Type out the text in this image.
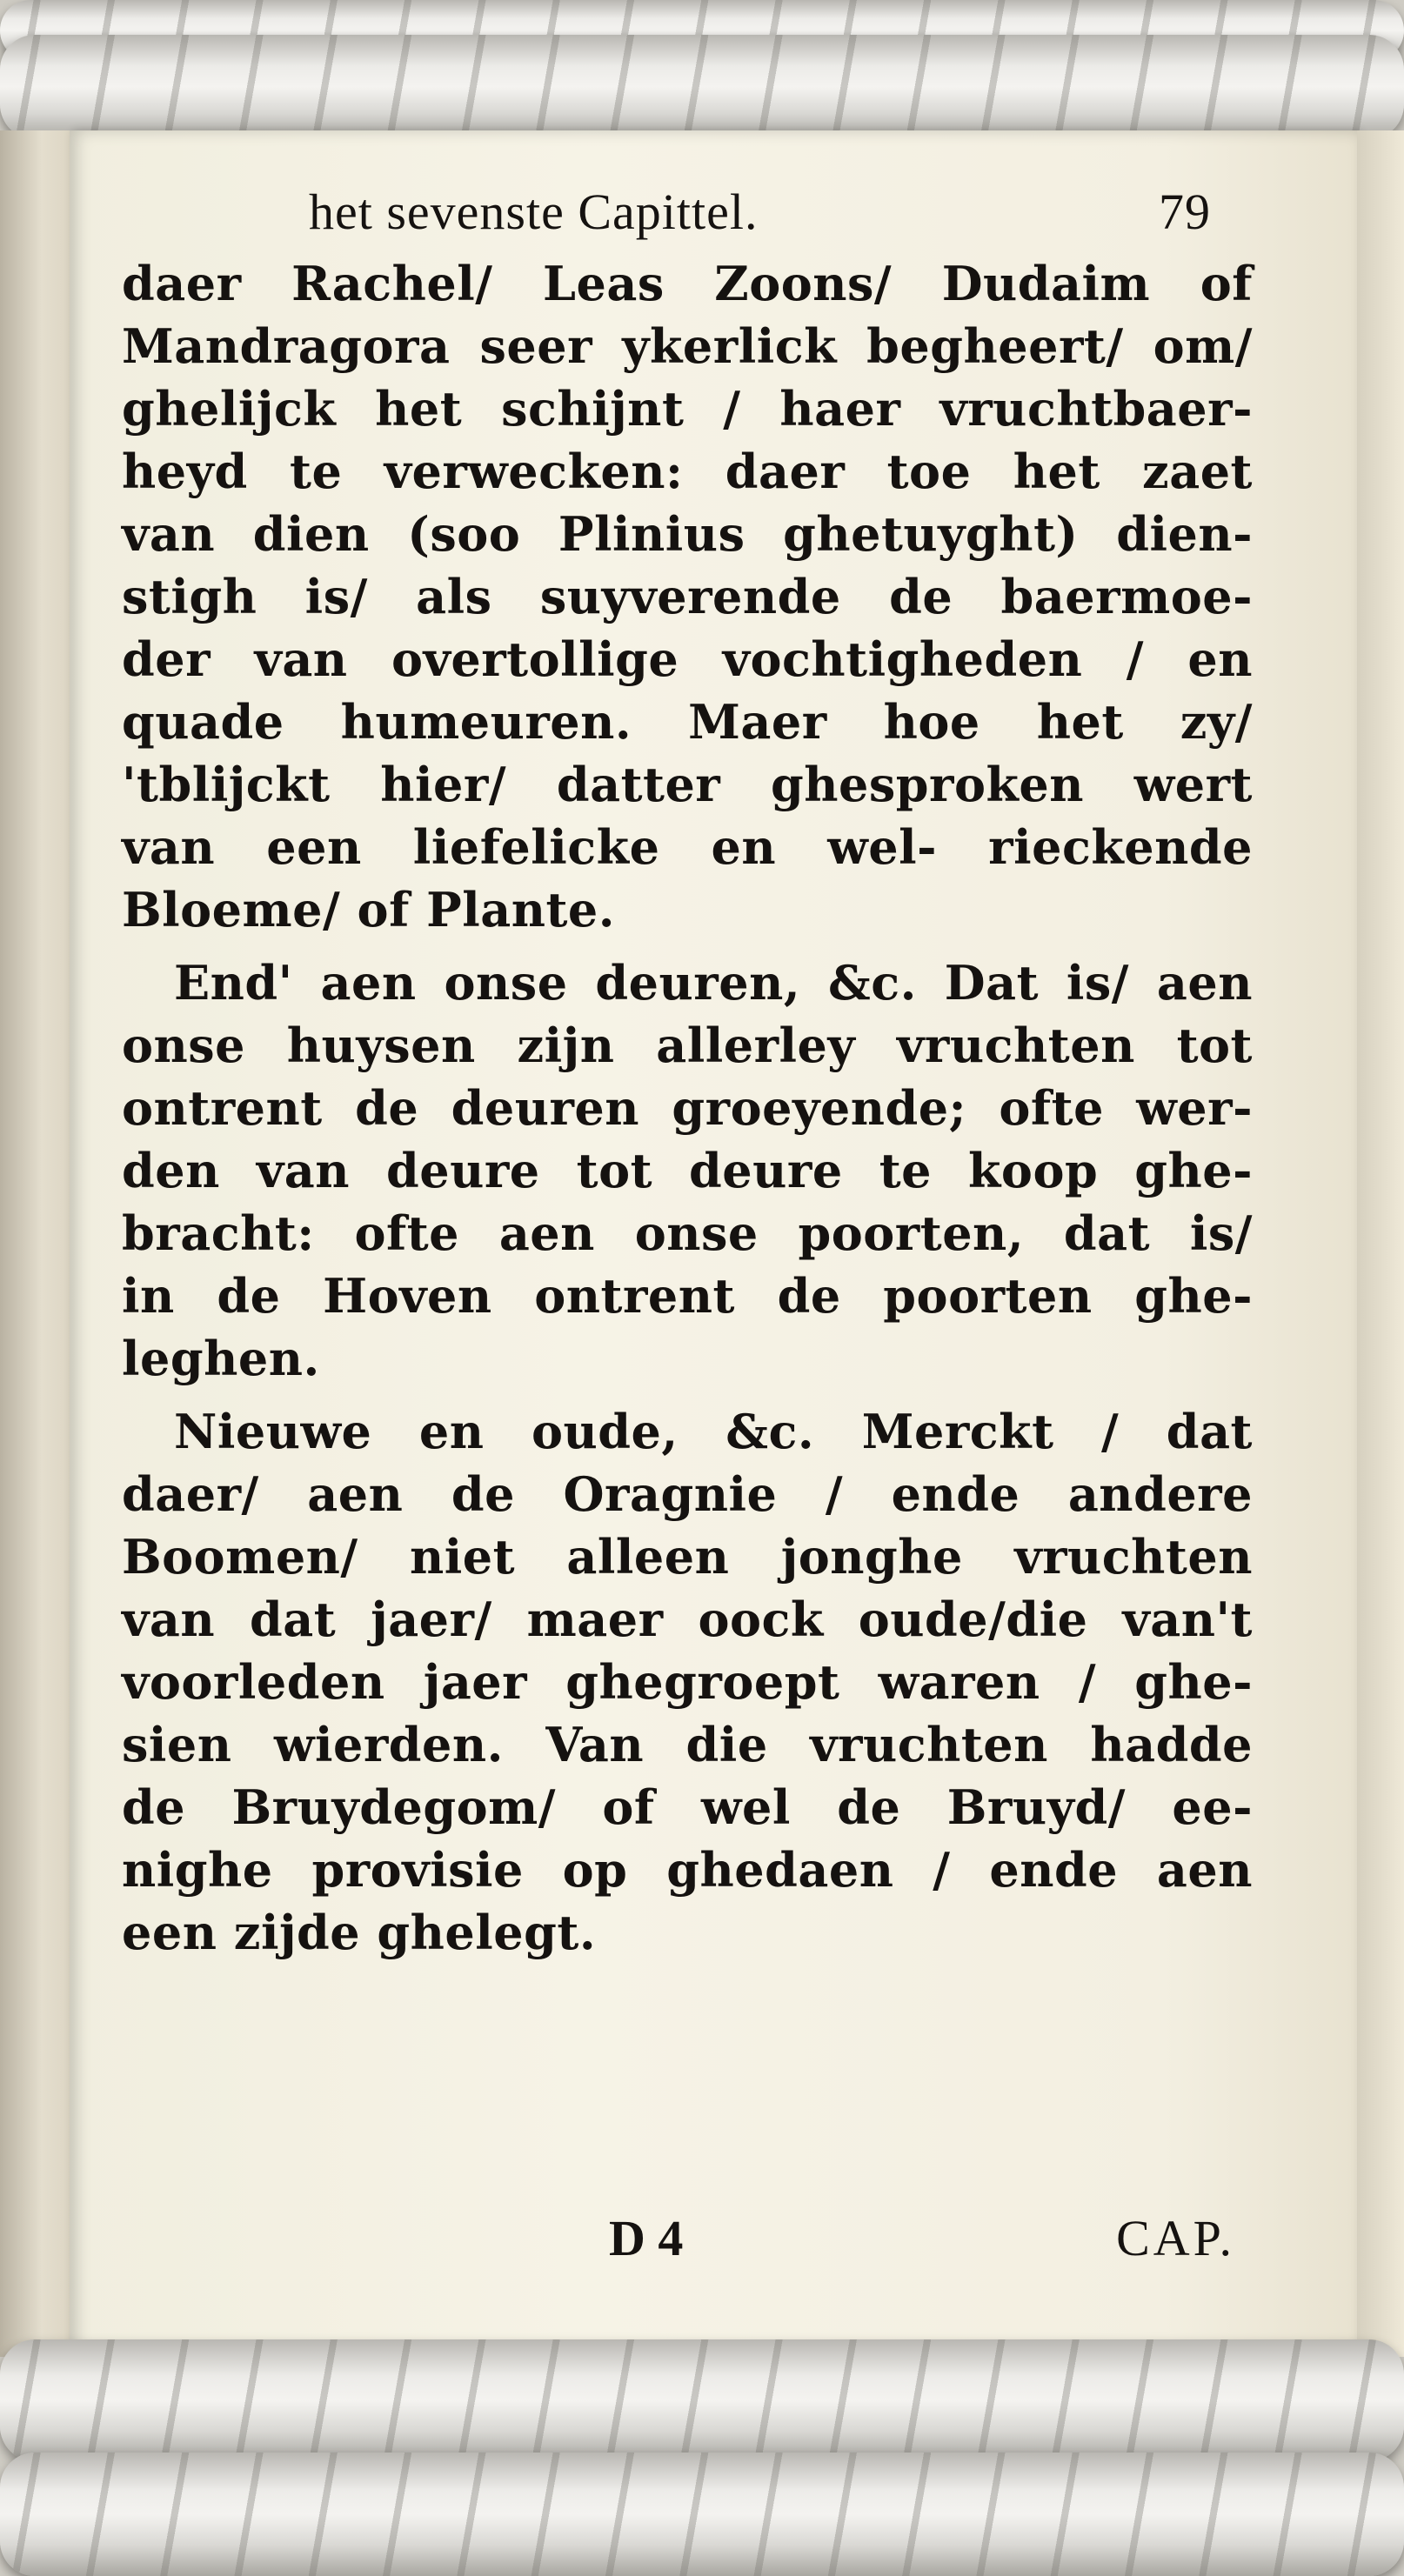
het sevenste Capittel.	79
daer Rachel/ Leas Zoons/ Dudaim of
Mandragora seer ykerlick begheert/ om/
ghelijck het schijnt / haer vruchtbaer-
heyd te verwecken: daer toe het zaet
van dien (soo Plinius ghetuyght) dien-
stigh is/ als suyverende de baermoe-
der van overtollige vochtigheden / en
quade humeuren. Maer hoe het zy/
'tblijckt hier/ datter ghesproken wert
van een liefelicke en wel- rieckende
Bloeme/ of Plante.
End' aen onse deuren, &c. Dat is/ aen
onse huysen zijn allerley vruchten tot
ontrent de deuren groeyende; ofte wer-
den van deure tot deure te koop ghe-
bracht: ofte aen onse poorten, dat is/
in de Hoven ontrent de poorten ghe-
leghen.
Nieuwe en oude, &c. Merckt / dat
daer/ aen de Oragnie / ende andere
Boomen/ niet alleen jonghe vruchten
van dat jaer/ maer oock oude/die van't
voorleden jaer ghegroept waren / ghe-
sien wierden. Van die vruchten hadde
de Bruydegom/ of wel de Bruyd/ ee-
nighe provisie op ghedaen / ende aen
een zijde ghelegt.
D 4	CAP.
